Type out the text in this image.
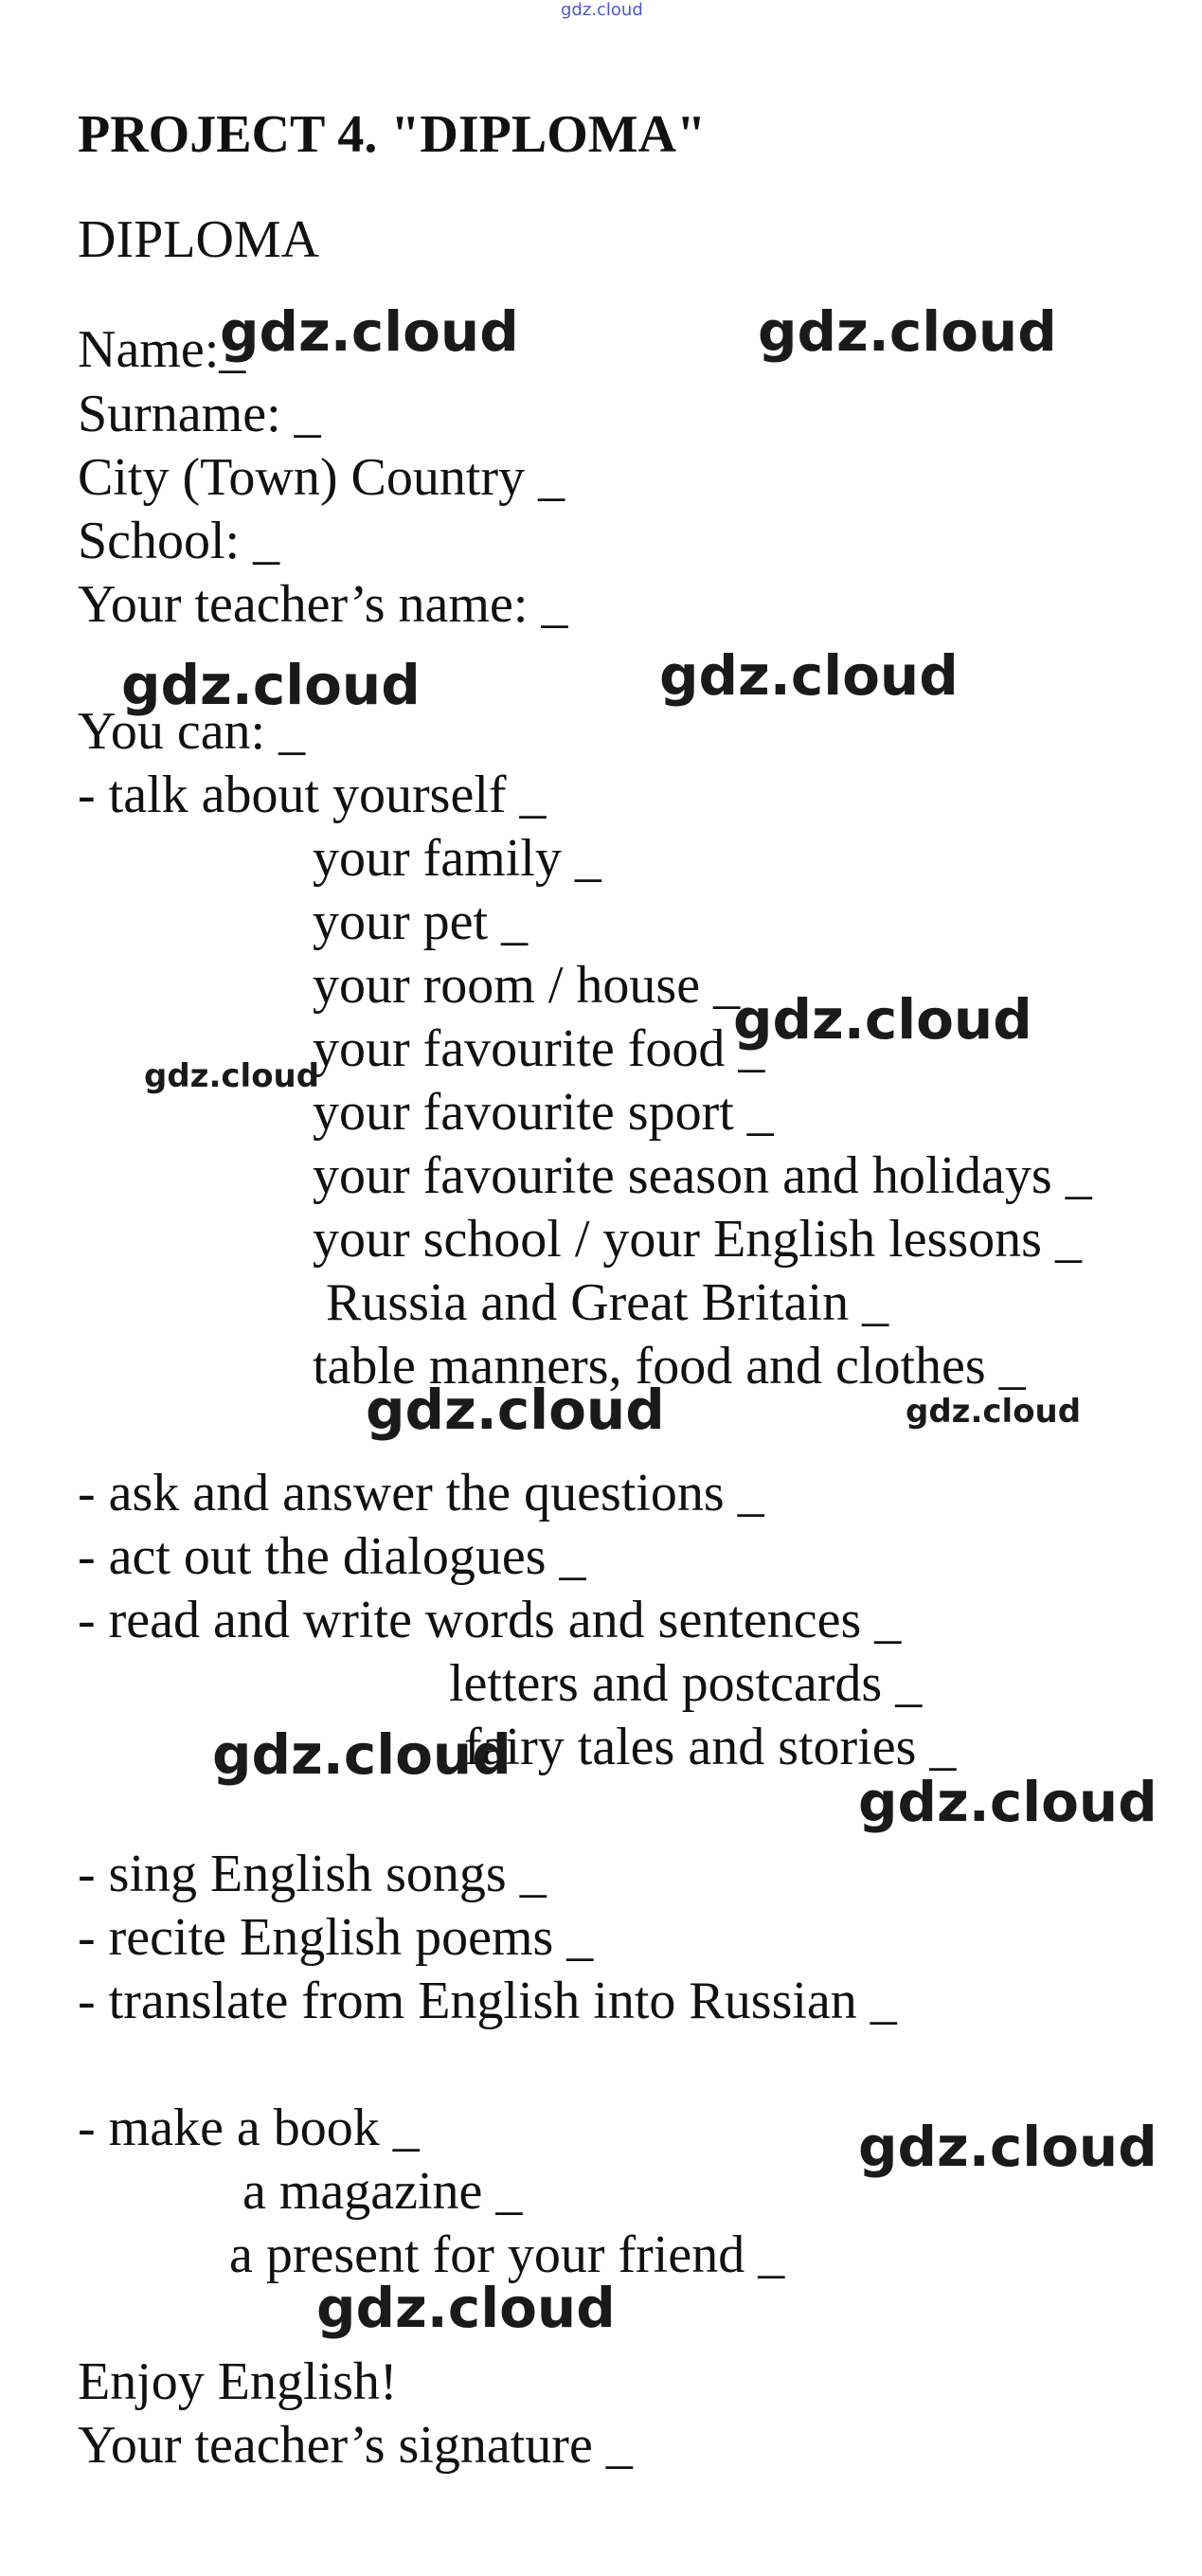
gdz.cloud
PROJECT 4. "DIPLOMA"
DIPLOMA
Name:_
Surname: _
City (Town) Country _
School: _
Your teacher’s name: _
You can: _
- talk about yourself _
your family _
your pet _
your room / house _
your favourite food _
your favourite sport _
your favourite season and holidays _
your school / your English lessons _
Russia and Great Britain _
table manners, food and clothes _
- ask and answer the questions _
- act out the dialogues _
- read and write words and sentences _
letters and postcards _
fairy tales and stories _
- sing English songs _
- recite English poems _
- translate from English into Russian _
- make a book _
a magazine _
a present for your friend _
Enjoy English!
Your teacher’s signature _
gdz.cloud	gdz.cloud
gdz.cloud	gdz.cloud
gdz.cloud
gdz.cloud
gdz.cloud	gdz.cloud
gdz.cloud
gdz.cloud
gdz.cloud
gdz.cloud
